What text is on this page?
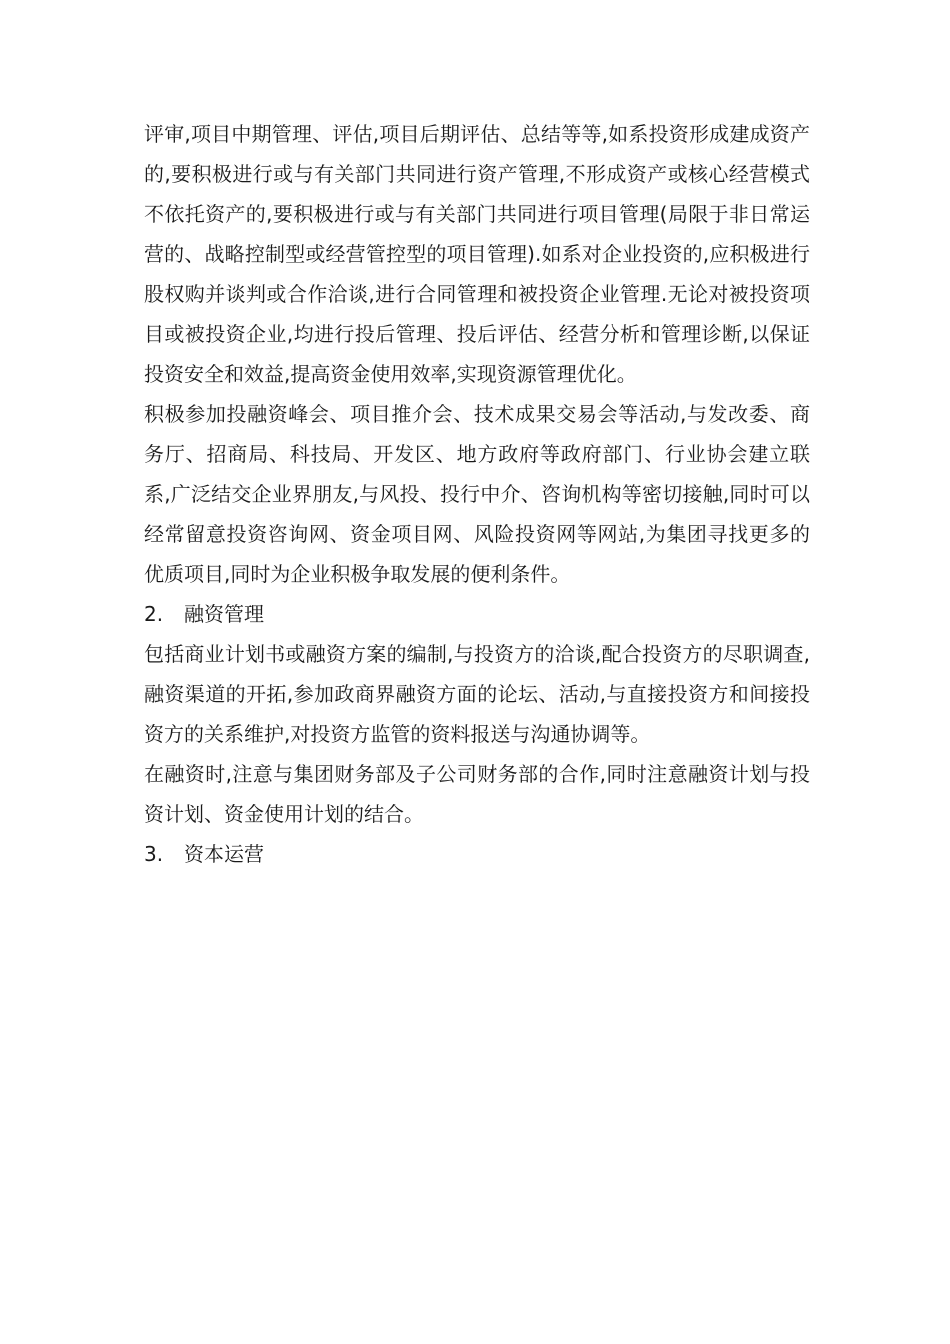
评审,项目中期管理、评估,项目后期评估、总结等等,如系投资形成建成资产的,要积极进行或与有关部门共同进行资产管理,不形成资产或核心经营模式不依托资产的,要积极进行或与有关部门共同进行项目管理(局限于非日常运营的、战略控制型或经营管控型的项目管理).如系对企业投资的,应积极进行股权购并谈判或合作洽谈,进行合同管理和被投资企业管理.无论对被投资项目或被投资企业,均进行投后管理、投后评估、经营分析和管理诊断,以保证投资安全和效益,提高资金使用效率,实现资源管理优化。

积极参加投融资峰会、项目推介会、技术成果交易会等活动,与发改委、商务厅、招商局、科技局、开发区、地方政府等政府部门、行业协会建立联系,广泛结交企业界朋友,与风投、投行中介、咨询机构等密切接触,同时可以经常留意投资咨询网、资金项目网、风险投资网等网站,为集团寻找更多的优质项目,同时为企业积极争取发展的便利条件。

2.	融资管理

包括商业计划书或融资方案的编制,与投资方的洽谈,配合投资方的尽职调查, 融资渠道的开拓,参加政商界融资方面的论坛、活动,与直接投资方和间接投资方的关系维护,对投资方监管的资料报送与沟通协调等。

在融资时,注意与集团财务部及子公司财务部的合作,同时注意融资计划与投资计划、资金使用计划的结合。

3.	资本运营
